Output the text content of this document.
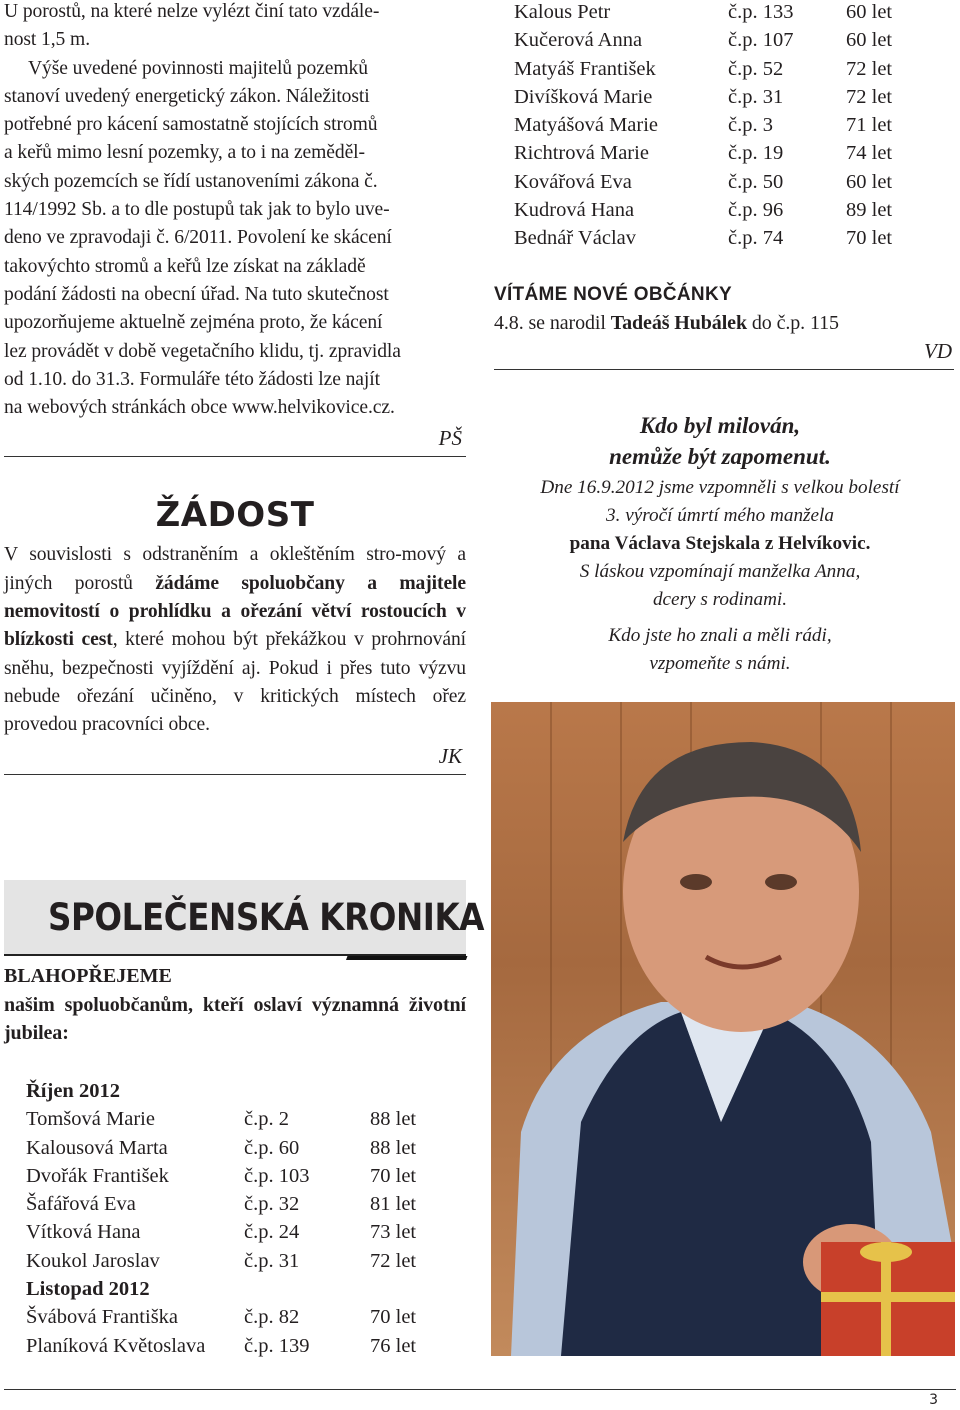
U porostů, na které nelze vylézt činí tato vzdále-
nost 1,5 m.
Výše uvedené povinnosti majitelů pozemků
stanoví uvedený energetický zákon. Náležitosti
potřebné pro kácení samostatně stojících stromů
a keřů mimo lesní pozemky, a to i na zeměděl-
ských pozemcích se řídí ustanoveními zákona č.
114/1992 Sb. a to dle postupů tak jak to bylo uve-
deno ve zpravodaji č. 6/2011. Povolení ke skácení
takovýchto stromů a keřů lze získat na základě
podání žádosti na obecní úřad. Na tuto skutečnost
upozorňujeme aktuelně zejména proto, že kácení
lez provádět v době vegetačního klidu, tj. zpravidla
od 1.10. do 31.3. Formuláře této žádosti lze najít
na webových stránkách obce www.helvikovice.cz.
PŠ
ŽÁDOST
V souvislosti s odstraněním a okleštěním stro-mový a jiných porostů žádáme spoluobčany a majitele nemovitostí o prohlídku a ořezání větví rostoucích v blízkosti cest, které mohou být překážkou v prohrnování sněhu, bezpečnosti vyjíždění aj. Pokud i přes tuto výzvu nebude ořezání učiněno, v kritických místech ořez provedou pracovníci obce.
JK
SPOLEČENSKÁ KRONIKA
BLAHOPŘEJEME
našim spoluobčanům, kteří oslaví významná životní jubilea:
Říjen 2012		
Tomšová Marie	č.p. 2	88 let
Kalousová Marta	č.p. 60	88 let
Dvořák František	č.p. 103	70 let
Šafářová Eva	č.p. 32	81 let
Vítková Hana	č.p. 24	73 let
Koukol Jaroslav	č.p. 31	72 let
Listopad 2012		
Švábová Františka	č.p. 82	70 let
Planíková Květoslava	č.p. 139	76 let
Kalous Petr	č.p. 133	60 let
Kučerová Anna	č.p. 107	60 let
Matyáš František	č.p. 52	72 let
Divíšková Marie	č.p. 31	72 let
Matyášová Marie	č.p. 3	71 let
Richtrová Marie	č.p. 19	74 let
Kovářová Eva	č.p. 50	60 let
Kudrová Hana	č.p. 96	89 let
Bednář Václav	č.p. 74	70 let
VÍTÁME NOVÉ OBČÁNKY
4.8. se narodil Tadeáš Hubálek do č.p. 115
VD
Kdo byl milován,
nemůže být zapomenut.
Dne 16.9.2012 jsme vzpomněli s velkou bolestí
3. výročí úmrtí mého manžela
pana Václava Stejskala z Helvíkovic.
S láskou vzpomínají manželka Anna,
dcery s rodinami.
Kdo jste ho znali a měli rádi,
vzpomeňte s námi.
3
